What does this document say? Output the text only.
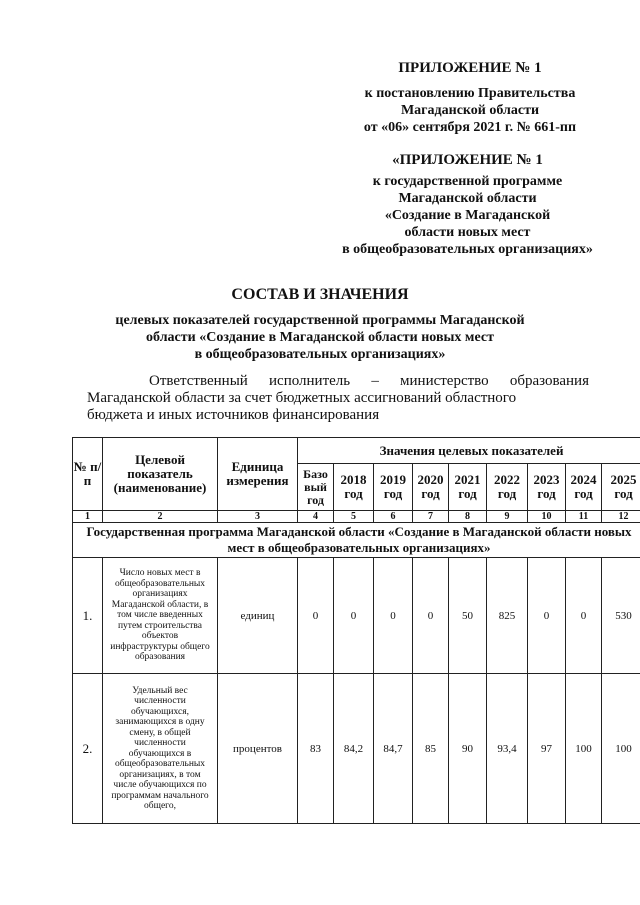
ПРИЛОЖЕНИЕ № 1
к постановлению Правительства
Магаданской области
от «06» сентября 2021 г. № 661-пп
«ПРИЛОЖЕНИЕ № 1
к государственной программе
Магаданской области
«Создание в Магаданской
области новых мест
в общеобразовательных организациях»
СОСТАВ И ЗНАЧЕНИЯ
целевых показателей государственной программы Магаданской
области «Создание в Магаданской области новых мест
в общеобразовательных организациях»
Ответственный исполнитель – министерство образования
Магаданской области за счет бюджетных ассигнований областного
бюджета и иных источников финансирования
№ п/п	Целевой показатель (наименование)	Единица измерения	Значения целевых показателей								
			Базо вый год	2018 год	2019 год	2020 год	2021 год	2022 год	2023 год	2024 год	2025 год
1	2	3	4	5	6	7	8	9	10	11	12
Государственная программа Магаданской области «Создание в Магаданской области новых мест в общеобразовательных организациях»											
1.	Число новых мест в общеобразовательных организациях Магаданской области, в том числе введенных путем строительства объектов инфраструктуры общего образования	единиц	0	0	0	0	50	825	0	0	530
2.	Удельный вес численности обучающихся, занимающихся в одну смену, в общей численности обучающихся в общеобразовательных организациях, в том числе обучающихся по программам начального общего,	процентов	83	84,2	84,7	85	90	93,4	97	100	100
